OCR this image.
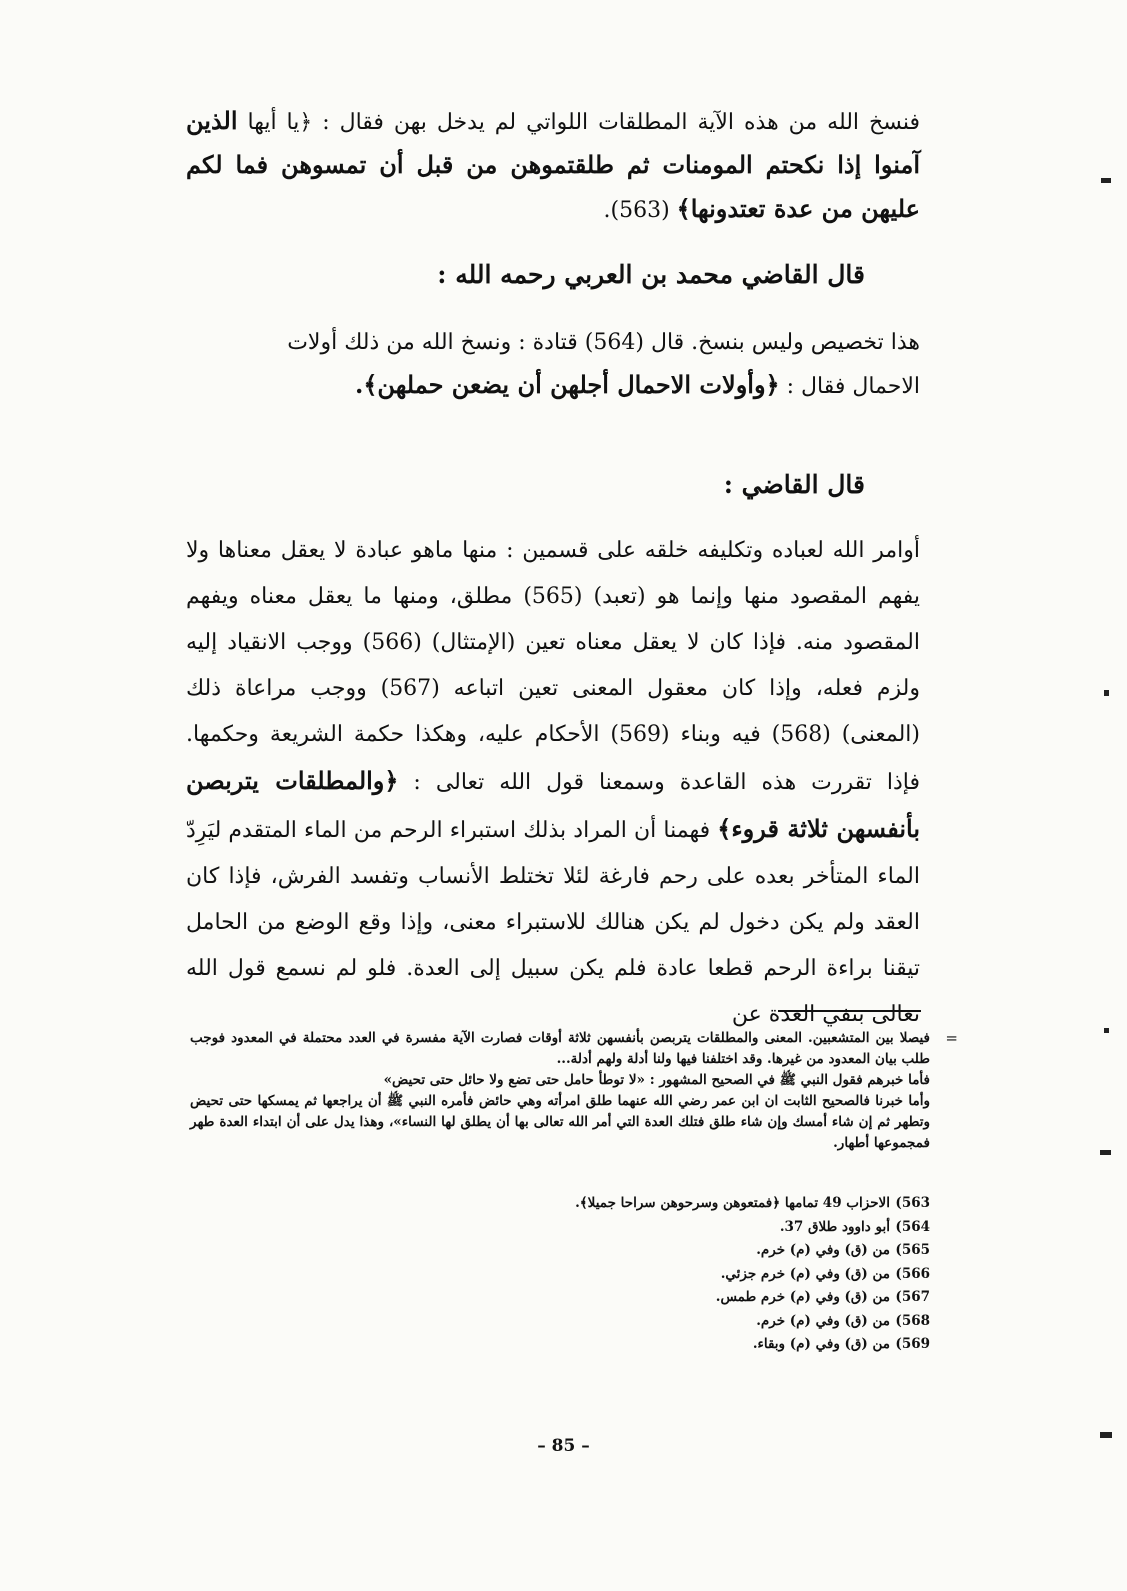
فنسخ الله من هذه الآية المطلقات اللواتي لم يدخل بهن فقال : ﴿يا أيها الذين آمنوا إذا نكحتم المومنات ثم طلقتموهن من قبل أن تمسوهن فما لكم عليهن من عدة تعتدونها﴾ (563).

قال القاضي محمد بن العربي رحمه الله :

هذا تخصيص وليس بنسخ. قال (564) قتادة : ونسخ الله من ذلك أولات
الاحمال فقال : ﴿وأولات الاحمال أجلهن أن يضعن حملهن﴾.

قال القاضي :

أوامر الله لعباده وتكليفه خلقه على قسمين : منها ماهو عبادة لا يعقل معناها ولا يفهم المقصود منها وإنما هو (تعبد) (565) مطلق، ومنها ما يعقل معناه ويفهم المقصود منه. فإذا كان لا يعقل معناه تعين (الإمتثال) (566) ووجب الانقياد إليه ولزم فعله، وإذا كان معقول المعنى تعين اتباعه (567) ووجب مراعاة ذلك (المعنى) (568) فيه وبناء (569) الأحكام عليه، وهكذا حكمة الشريعة وحكمها. فإذا تقررت هذه القاعدة وسمعنا قول الله تعالى : ﴿والمطلقات يتربصن بأنفسهن ثلاثة قروء﴾ فهمنا أن المراد بذلك استبراء الرحم من الماء المتقدم ليَرِدّ الماء المتأخر بعده على رحم فارغة لئلا تختلط الأنساب وتفسد الفرش، فإذا كان العقد ولم يكن دخول لم يكن هنالك للاستبراء معنى، وإذا وقع الوضع من الحامل تيقنا براءة الرحم قطعا عادة فلم يكن سبيل إلى العدة. فلو لم نسمع قول الله تعالى بنفي العدة عن

=

فيصلا بين المتشعبين. المعنى والمطلقات يتربصن بأنفسهن ثلاثة أوقات فصارت الآية مفسرة في العدد محتملة في المعدود فوجب طلب بيان المعدود من غيرها. وقد اختلفنا فيها ولنا أدلة ولهم أدلة...

فأما خبرهم فقول النبي ﷺ في الصحيح المشهور : «لا توطأ حامل حتى تضع ولا حائل حتى تحيض»

وأما خبرنا فالصحيح الثابت ان ابن عمر رضي الله عنهما طلق امرأته وهي حائض فأمره النبي ﷺ أن يراجعها ثم يمسكها حتى تحيض وتطهر ثم إن شاء أمسك وإن شاء طلق فتلك العدة التي أمر الله تعالى بها أن يطلق لها النساء»، وهذا يدل على أن ابتداء العدة طهر فمجموعها أطهار.

563)
الاحزاب 49 تمامها ﴿فمتعوهن وسرحوهن سراحا جميلا﴾.
564)
أبو داوود طلاق 37.
565)
من (ق) وفي (م) خرم.
566)
من (ق) وفي (م) خرم جزئي.
567)
من (ق) وفي (م) خرم طمس.
568)
من (ق) وفي (م) خرم.
569)
من (ق) وفي (م) وبقاء.
– 85 –
